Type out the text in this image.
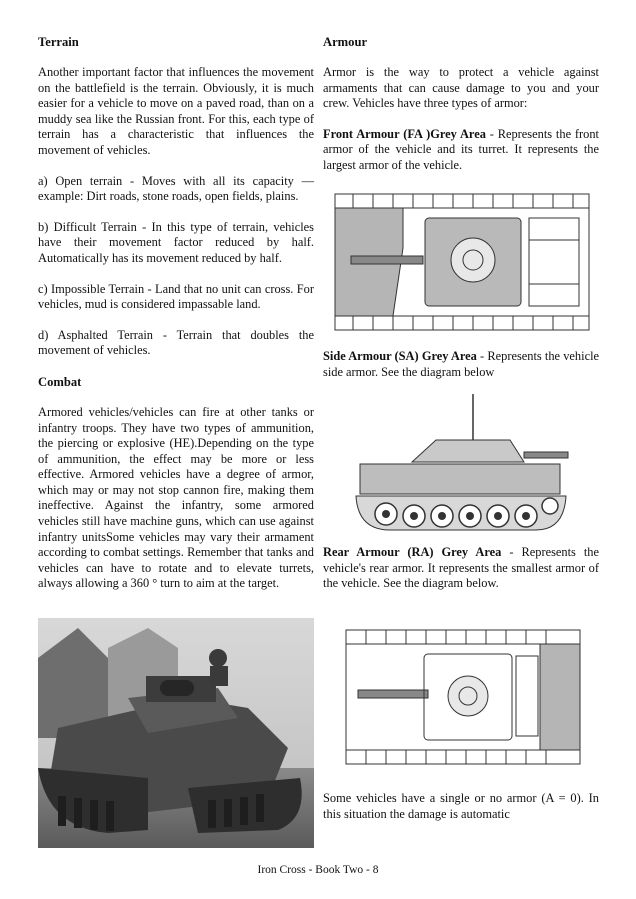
Terrain

Another important factor that influences the movement on the battlefield is the terrain. Obviously, it is much easier for a vehicle to move on a paved road, than on a muddy sea like the Russian front. For this, each type of terrain has a characteristic that influences the movement of vehicles.

a) Open terrain - Moves with all its capacity — example: Dirt roads, stone roads, open fields, plains.

b) Difficult Terrain - In this type of terrain, vehicles have their movement factor reduced by half. Automatically has its movement reduced by half.

c) Impossible Terrain - Land that no unit can cross. For vehicles, mud is considered impassable land.

d) Asphalted Terrain - Terrain that doubles the movement of vehicles.

Combat

Armored vehicles/vehicles can fire at other tanks or infantry troops. They have two types of ammunition, the piercing or explosive (HE).Depending on the type of ammunition, the effect may be more or less effective. Armored vehicles have a degree of armor, which may or may not stop cannon fire, making them ineffective. Against the infantry, some armored vehicles still have machine guns, which can use against infantry unitsSome vehicles may vary their armament according to combat settings. Remember that tanks and vehicles can have to rotate and to elevate turrets, always allowing a 360 ° turn to aim at the target.

Armour

Armor is the way to protect a vehicle against armaments that can cause damage to you and your crew. Vehicles have three types of armor:

Front Armour (FA )Grey Area - Represents the front armor of the vehicle and its turret. It represents the largest armor of the vehicle.

Side Armour (SA) Grey Area - Represents the vehicle side armor. See the diagram below

Rear Armour (RA) Grey Area - Represents the vehicle's rear armor. It represents the smallest armor of the vehicle. See the diagram below.

Some vehicles have a single or no armor (A = 0). In this situation the damage is automatic

Iron Cross - Book Two - 8
